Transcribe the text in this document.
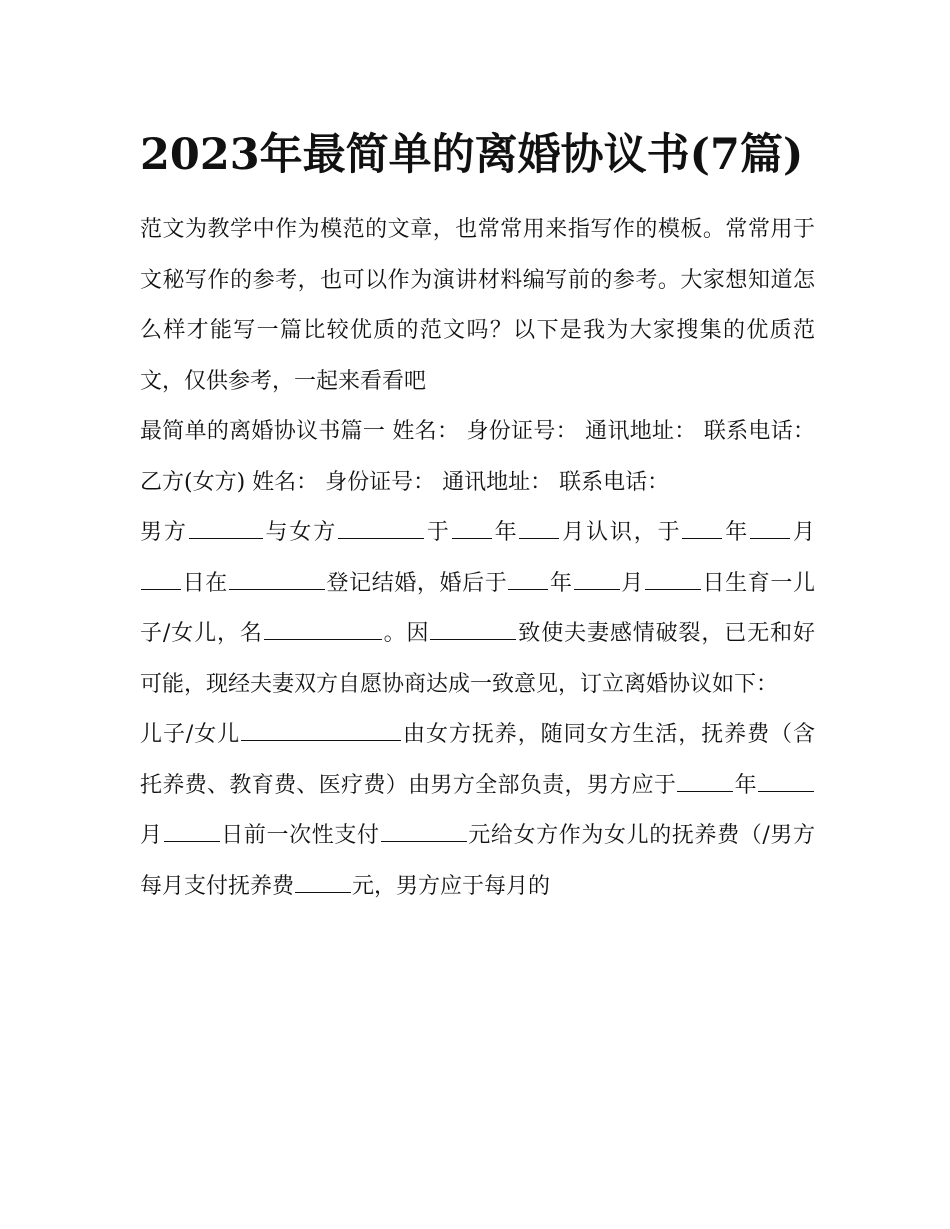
2023年最简单的离婚协议书(7篇)

范文为教学中作为模范的文章，也常常用来指写作的模板。常常用于文秘写作的参考，也可以作为演讲材料编写前的参考。大家想知道怎么样才能写一篇比较优质的范文吗？以下是我为大家搜集的优质范文，仅供参考，一起来看看吧

最简单的离婚协议书篇一 姓名： 身份证号： 通讯地址： 联系电话： 乙方(女方) 姓名： 身份证号： 通讯地址： 联系电话：

男方	与女方	于 年 月认识，于 年 月日在	登记结婚，婚后于 年 月	日生育一儿子/女儿，名	。因	致使夫妻感情破裂，已无和好可能，现经夫妻双方自愿协商达成一致意见，订立离婚协议如下：

儿子/女儿	由女方抚养，随同女方生活，抚养费（含托养费、教育费、医疗费）由男方全部负责，男方应于	年月	日前一次性支付	元给女方作为女儿的抚养费（/男方每月支付抚养费	元，男方应于每月的
